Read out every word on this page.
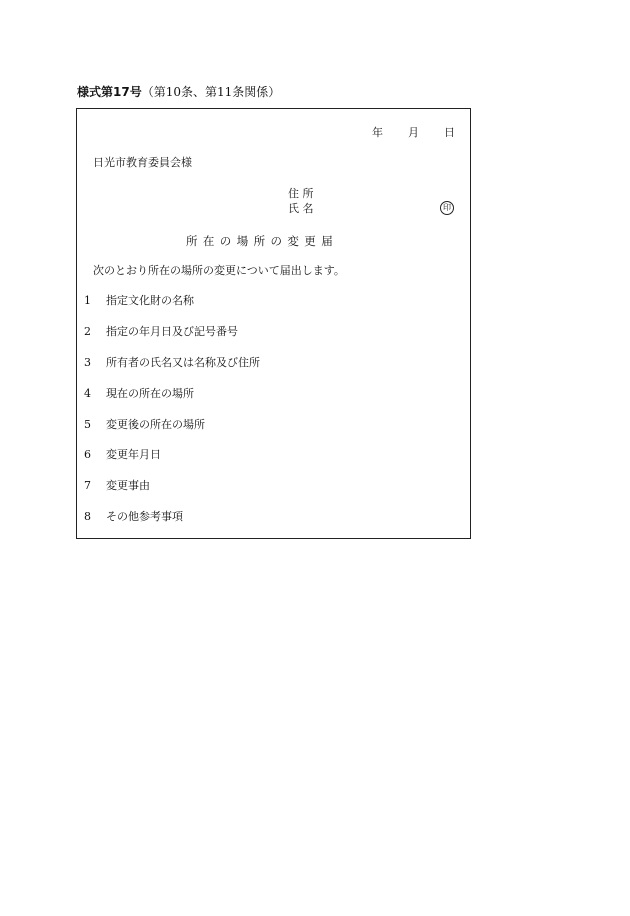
様式第17号（第10条、第11条関係）
年 月 日
日光市教育委員会様
住 所
氏 名	印
所在の場所の変更届
次のとおり所在の場所の変更について届出します。
1 指定文化財の名称
2 指定の年月日及び記号番号
3 所有者の氏名又は名称及び住所
4 現在の所在の場所
5 変更後の所在の場所
6 変更年月日
7 変更事由
8 その他参考事項
